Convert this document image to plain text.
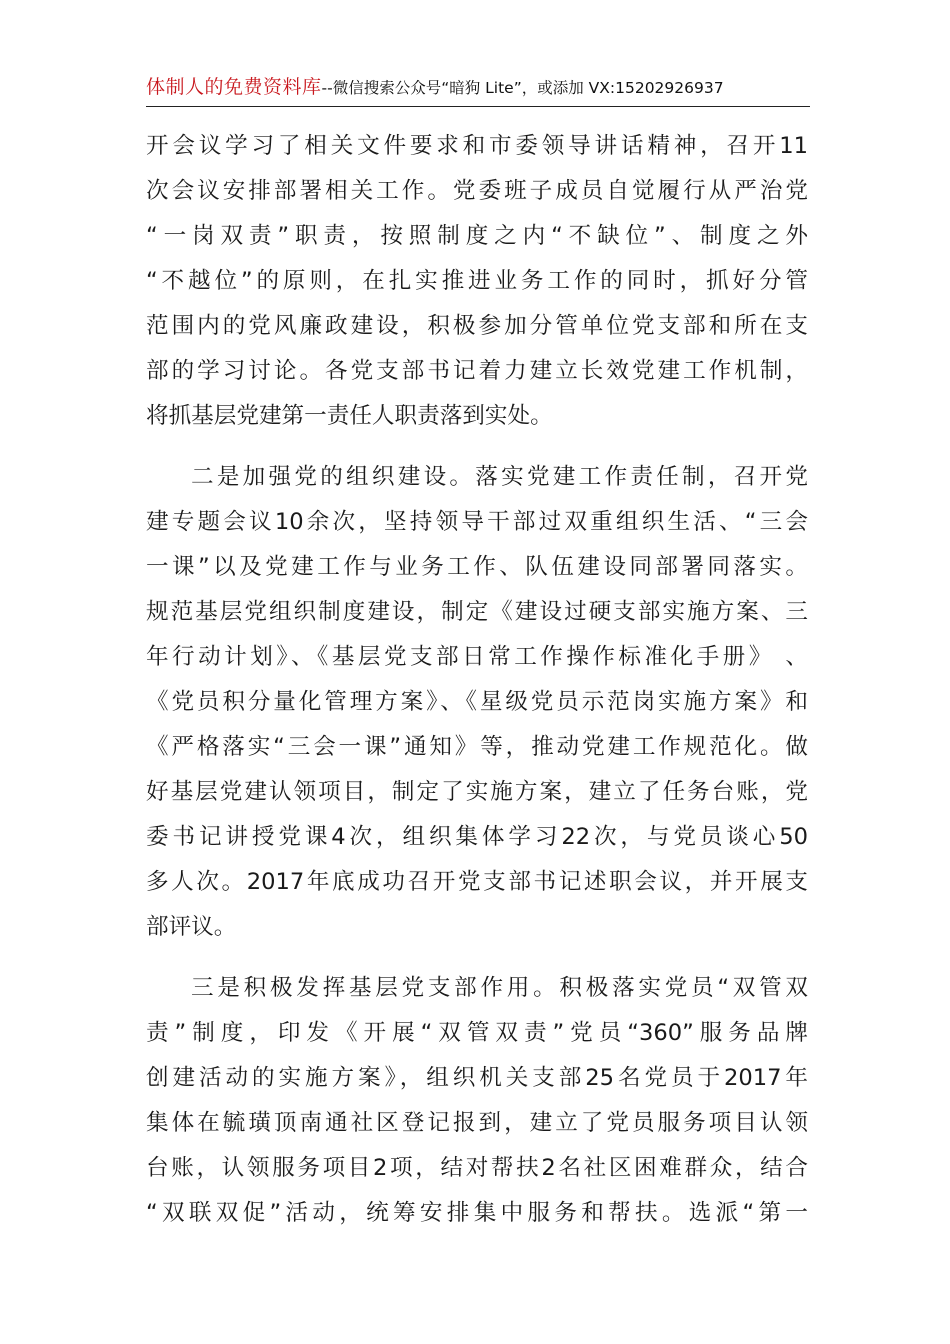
体制人的免费资料库--微信搜索公众号“暗狗 Lite”，或添加 VX:15202926937
开会议学习了相关文件要求和市委领导讲话精神，召开11
次会议安排部署相关工作。党委班子成员自觉履行从严治党
“一岗双责”职责，按照制度之内“不缺位”、制度之外
“不越位”的原则，在扎实推进业务工作的同时，抓好分管
范围内的党风廉政建设，积极参加分管单位党支部和所在支
部的学习讨论。各党支部书记着力建立长效党建工作机制，
将抓基层党建第一责任人职责落到实处。
二是加强党的组织建设。落实党建工作责任制，召开党
建专题会议10余次，坚持领导干部过双重组织生活、“三会
一课”以及党建工作与业务工作、队伍建设同部署同落实。
规范基层党组织制度建设，制定《建设过硬支部实施方案、三
年行动计划》、《基层党支部日常工作操作标准化手册》 、
《党员积分量化管理方案》、《星级党员示范岗实施方案》和
《严格落实“三会一课”通知》等，推动党建工作规范化。做
好基层党建认领项目，制定了实施方案，建立了任务台账，党
委书记讲授党课4次，组织集体学习22次，与党员谈心50
多人次。2017年底成功召开党支部书记述职会议，并开展支
部评议。
三是积极发挥基层党支部作用。积极落实党员“双管双
责”制度，印发《开展“双管双责”党员“360”服务品牌
创建活动的实施方案》，组织机关支部25名党员于2017年
集体在毓璜顶南通社区登记报到，建立了党员服务项目认领
台账，认领服务项目2项，结对帮扶2名社区困难群众，结合
“双联双促”活动，统筹安排集中服务和帮扶。选派“第一
